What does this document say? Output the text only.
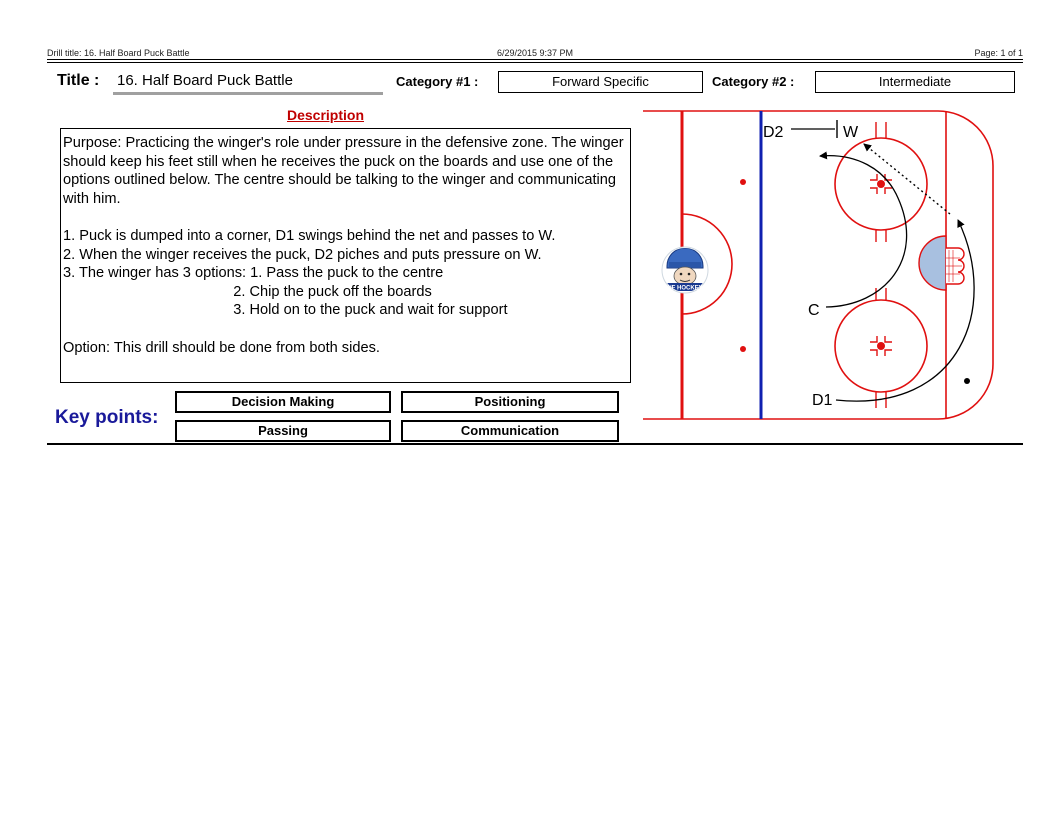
Drill title: 16. Half Board Puck Battle	6/29/2015 9:37 PM	Page: 1 of 1
Title : 16. Half Board Puck Battle	Category #1 :	Forward Specific	Category #2 :	Intermediate
Description
Purpose: Practicing the winger's role under pressure in the defensive zone. The winger should keep his feet still when he receives the puck on the boards and use one of the options outlined below. The centre should be talking to the winger and communicating with him.

1. Puck is dumped into a corner, D1 swings behind the net and passes to W.
2. When the winger receives the puck, D2 piches and puts pressure on W.
3. The winger has 3 options: 1. Pass the puck to the centre
2. Chip the puck off the boards
3. Hold on to the puck and wait for support

Option: This drill should be done from both sides.
Key points:
Decision Making	Positioning
Passing	Communication
D2	W
C
D1
NF HOCKEY
